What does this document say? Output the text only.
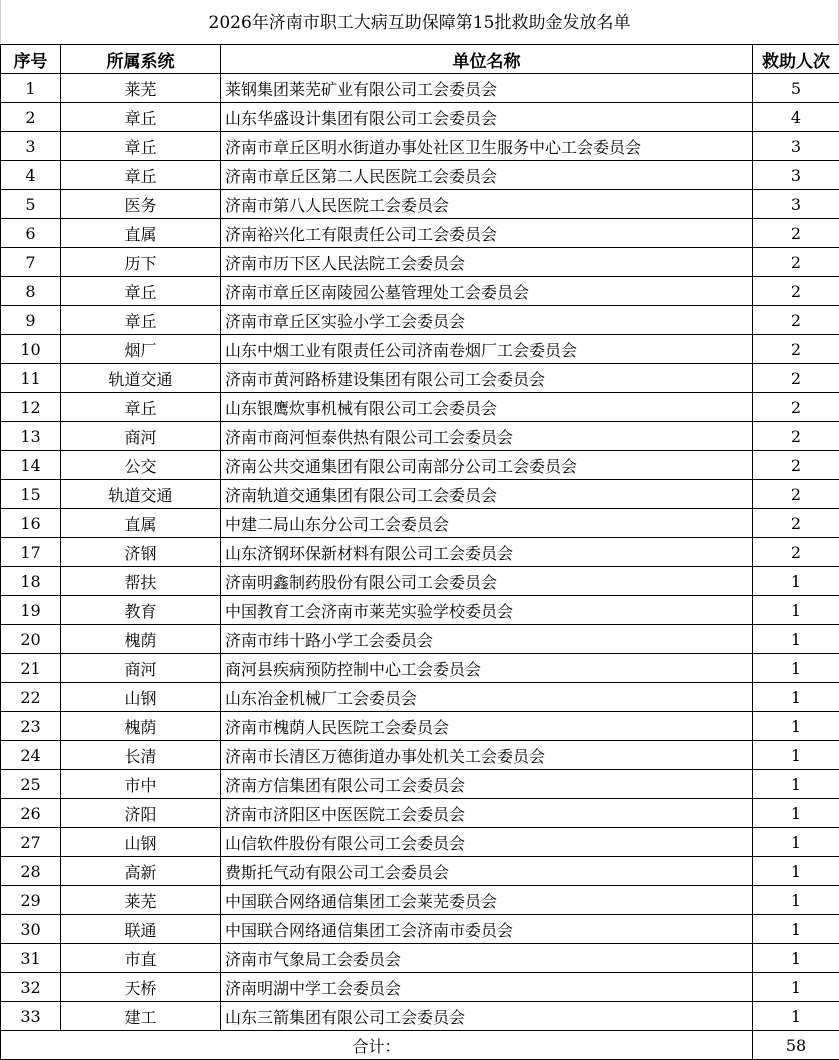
2026年济南市职工大病互助保障第15批救助金发放名单
序号	所属系统	单位名称	救助人次
1	莱芜	莱钢集团莱芜矿业有限公司工会委员会	5
2	章丘	山东华盛设计集团有限公司工会委员会	4
3	章丘	济南市章丘区明水街道办事处社区卫生服务中心工会委员会	3
4	章丘	济南市章丘区第二人民医院工会委员会	3
5	医务	济南市第八人民医院工会委员会	3
6	直属	济南裕兴化工有限责任公司工会委员会	2
7	历下	济南市历下区人民法院工会委员会	2
8	章丘	济南市章丘区南陵园公墓管理处工会委员会	2
9	章丘	济南市章丘区实验小学工会委员会	2
10	烟厂	山东中烟工业有限责任公司济南卷烟厂工会委员会	2
11	轨道交通	济南市黄河路桥建设集团有限公司工会委员会	2
12	章丘	山东银鹰炊事机械有限公司工会委员会	2
13	商河	济南市商河恒泰供热有限公司工会委员会	2
14	公交	济南公共交通集团有限公司南部分公司工会委员会	2
15	轨道交通	济南轨道交通集团有限公司工会委员会	2
16	直属	中建二局山东分公司工会委员会	2
17	济钢	山东济钢环保新材料有限公司工会委员会	2
18	帮扶	济南明鑫制药股份有限公司工会委员会	1
19	教育	中国教育工会济南市莱芜实验学校委员会	1
20	槐荫	济南市纬十路小学工会委员会	1
21	商河	商河县疾病预防控制中心工会委员会	1
22	山钢	山东冶金机械厂工会委员会	1
23	槐荫	济南市槐荫人民医院工会委员会	1
24	长清	济南市长清区万德街道办事处机关工会委员会	1
25	市中	济南方信集团有限公司工会委员会	1
26	济阳	济南市济阳区中医医院工会委员会	1
27	山钢	山信软件股份有限公司工会委员会	1
28	高新	费斯托气动有限公司工会委员会	1
29	莱芜	中国联合网络通信集团工会莱芜委员会	1
30	联通	中国联合网络通信集团工会济南市委员会	1
31	市直	济南市气象局工会委员会	1
32	天桥	济南明湖中学工会委员会	1
33	建工	山东三箭集团有限公司工会委员会	1
合计：			58
